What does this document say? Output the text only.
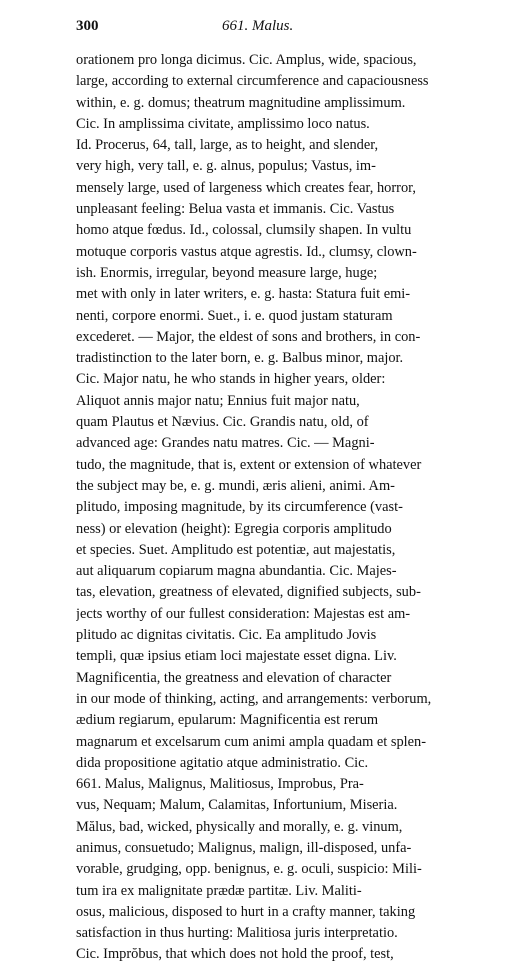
300	661. Malus.
orationem pro longa dicimus. Cic. Amplus, wide, spacious,
large, according to external circumference and capaciousness
within, e. g. domus; theatrum magnitudine amplissimum.
Cic. In amplissima civitate, amplissimo loco natus.
Id. Procerus, 64, tall, large, as to height, and slender,
very high, very tall, e. g. alnus, populus; Vastus, im-
mensely large, used of largeness which creates fear, horror,
unpleasant feeling: Belua vasta et immanis. Cic. Vastus
homo atque fœdus. Id., colossal, clumsily shapen. In vultu
motuque corporis vastus atque agrestis. Id., clumsy, clown-
ish. Enormis, irregular, beyond measure large, huge;
met with only in later writers, e. g. hasta: Statura fuit emi-
nenti, corpore enormi. Suet., i. e. quod justam staturam
excederet. — Major, the eldest of sons and brothers, in con-
tradistinction to the later born, e. g. Balbus minor, major.
Cic. Major natu, he who stands in higher years, older:
Aliquot annis major natu; Ennius fuit major natu,
quam Plautus et Nævius. Cic. Grandis natu, old, of
advanced age: Grandes natu matres. Cic. — Magni-
tudo, the magnitude, that is, extent or extension of whatever
the subject may be, e. g. mundi, æris alieni, animi. Am-
plitudo, imposing magnitude, by its circumference (vast-
ness) or elevation (height): Egregia corporis amplitudo
et species. Suet. Amplitudo est potentiæ, aut majestatis,
aut aliquarum copiarum magna abundantia. Cic. Majes-
tas, elevation, greatness of elevated, dignified subjects, sub-
jects worthy of our fullest consideration: Majestas est am-
plitudo ac dignitas civitatis. Cic. Ea amplitudo Jovis
templi, quæ ipsius etiam loci majestate esset digna. Liv.
Magnificentia, the greatness and elevation of character
in our mode of thinking, acting, and arrangements: verborum,
ædium regiarum, epularum: Magnificentia est rerum
magnarum et excelsarum cum animi ampla quadam et splen-
dida propositione agitatio atque administratio. Cic.
661. Malus, Malignus, Malitiosus, Improbus, Pra-
vus, Nequam; Malum, Calamitas, Infortunium, Miseria.
Mălus, bad, wicked, physically and morally, e. g. vinum,
animus, consuetudo; Malignus, malign, ill-disposed, unfa-
vorable, grudging, opp. benignus, e. g. oculi, suspicio: Mili-
tum ira ex malignitate prædæ partitæ. Liv. Maliti-
osus, malicious, disposed to hurt in a crafty manner, taking
satisfaction in thus hurting: Malitiosa juris interpretatio.
Cic. Imprŏbus, that which does not hold the proof, test,
